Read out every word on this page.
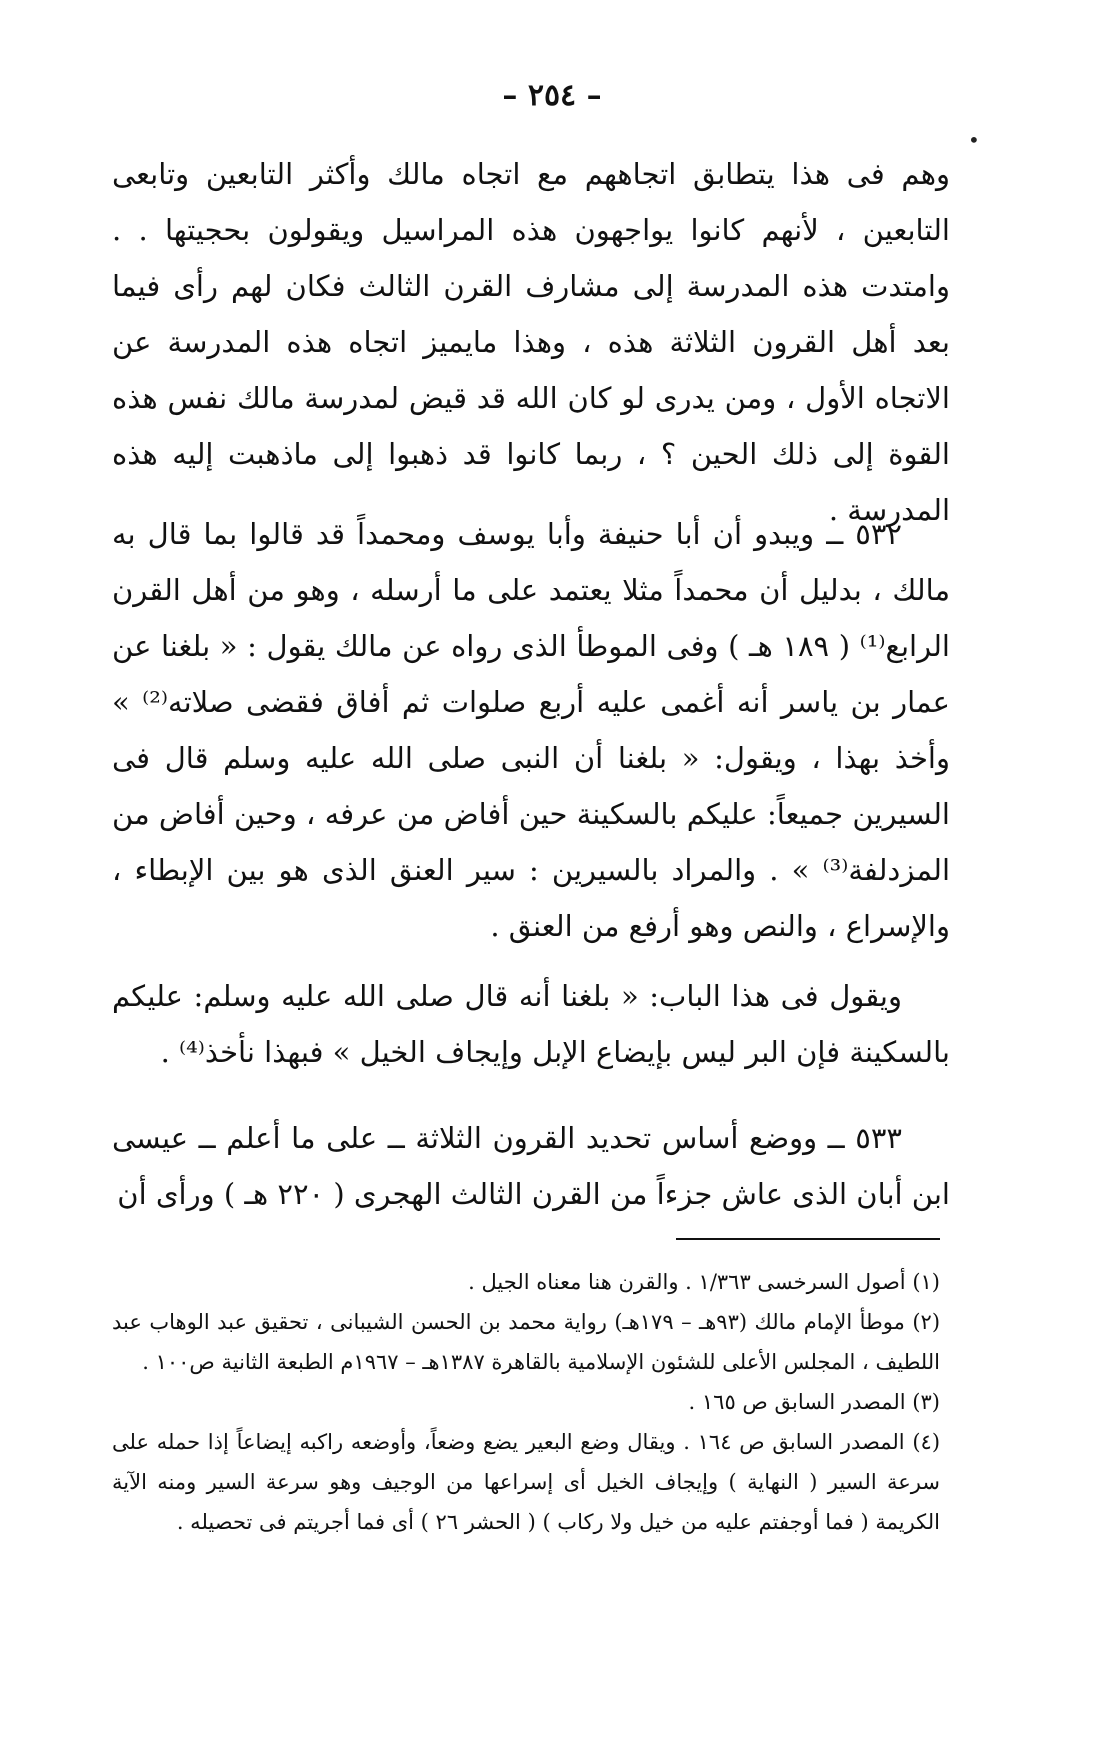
– ٢٥٤ –
•

وهم فى هذا يتطابق اتجاههم مع اتجاه مالك وأكثر التابعين وتابعى التابعين ، لأنهم كانوا يواجهون هذه المراسيل ويقولون بحجيتها . . وامتدت هذه المدرسة إلى مشارف القرن الثالث فكان لهم رأى فيما بعد أهل القرون الثلاثة هذه ، وهذا مايميز اتجاه هذه المدرسة عن الاتجاه الأول ، ومن يدرى لو كان الله قد قيض لمدرسة مالك نفس هذه القوة إلى ذلك الحين ؟ ، ربما كانوا قد ذهبوا إلى ماذهبت إليه هذه المدرسة .

٥٣٢ ــ ويبدو أن أبا حنيفة وأبا يوسف ومحمداً قد قالوا بما قال به مالك ، بدليل أن محمداً مثلا يعتمد على ما أرسله ، وهو من أهل القرن الرابع⁽¹⁾ ( ١٨٩ هـ ) وفى الموطأ الذى رواه عن مالك يقول : « بلغنا عن عمار بن ياسر أنه أغمى عليه أربع صلوات ثم أفاق فقضى صلاته⁽²⁾ » وأخذ بهذا ، ويقول: « بلغنا أن النبى صلى الله عليه وسلم قال فى السيرين جميعاً: عليكم بالسكينة حين أفاض من عرفه ، وحين أفاض من المزدلفة⁽³⁾ » . والمراد بالسيرين : سير العنق الذى هو بين الإبطاء ، والإسراع ، والنص وهو أرفع من العنق .

ويقول فى هذا الباب: « بلغنا أنه قال صلى الله عليه وسلم: عليكم بالسكينة فإن البر ليس بإيضاع الإبل وإيجاف الخيل » فبهذا نأخذ⁽⁴⁾ .

٥٣٣ ــ ووضع أساس تحديد القرون الثلاثة ــ على ما أعلم ــ عيسى ابن أبان الذى عاش جزءاً من القرن الثالث الهجرى ( ٢٢٠ هـ ) ورأى أن

(١) أصول السرخسى ١/٣٦٣ . والقرن هنا معناه الجيل .

(٢) موطأ الإمام مالك (٩٣هـ – ١٧٩هـ) رواية محمد بن الحسن الشيبانى ، تحقيق عبد الوهاب عبد اللطيف ، المجلس الأعلى للشئون الإسلامية بالقاهرة ١٣٨٧هـ – ١٩٦٧م الطبعة الثانية ص١٠٠ .

(٣) المصدر السابق ص ١٦٥ .

(٤) المصدر السابق ص ١٦٤ . ويقال وضع البعير يضع وضعاً، وأوضعه راكبه إيضاعاً إذا حمله على سرعة السير ( النهاية ) وإيجاف الخيل أى إسراعها من الوجيف وهو سرعة السير ومنه الآية الكريمة ( فما أوجفتم عليه من خيل ولا ركاب ) ( الحشر ٢٦ ) أى فما أجريتم فى تحصيله .
